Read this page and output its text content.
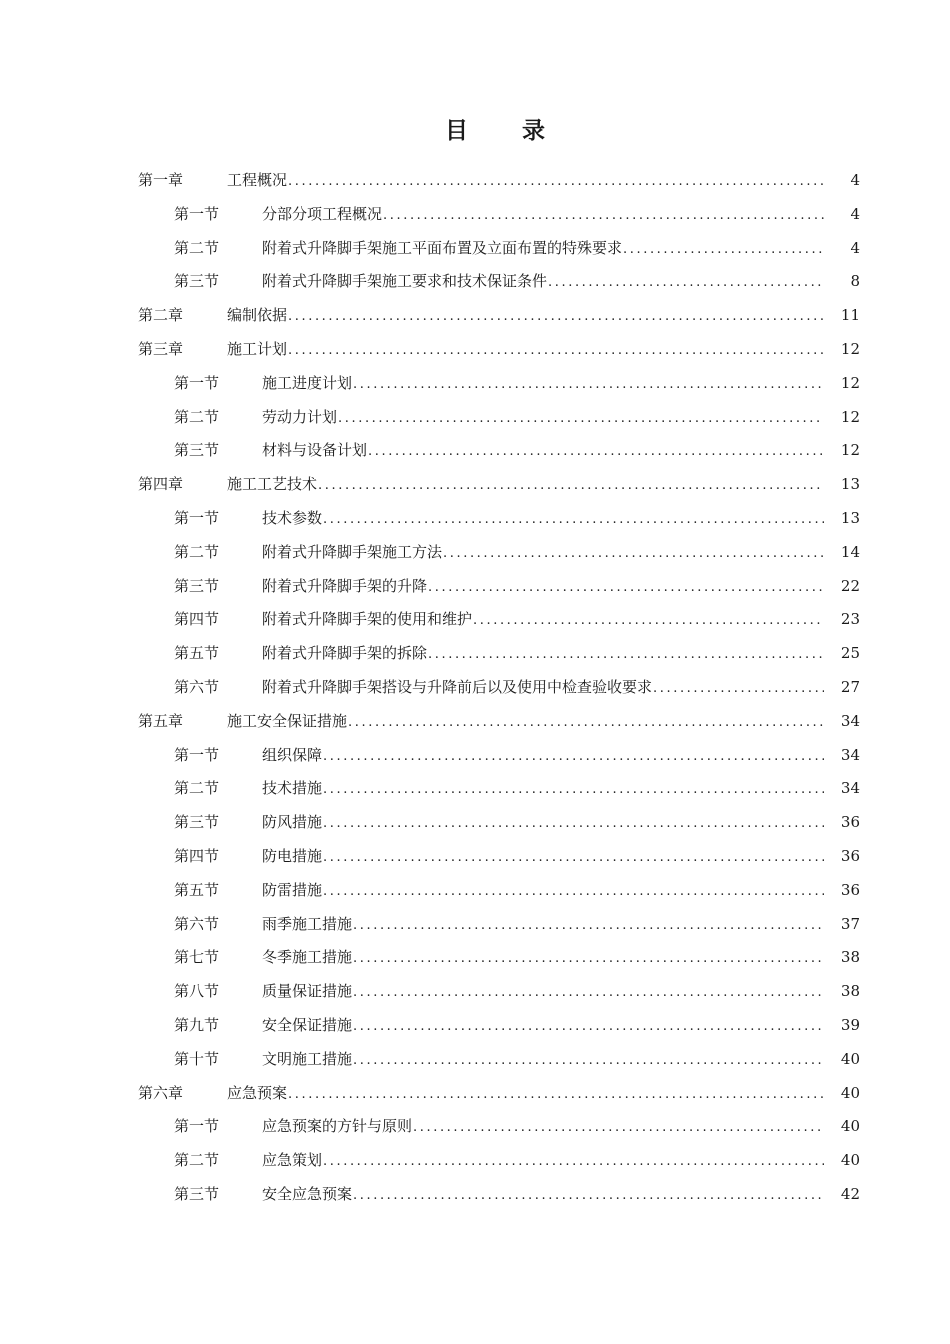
目 录
第一章	工程概况 .....	4
第一节	分部分项工程概况 .....	4
第二节	附着式升降脚手架施工平面布置及立面布置的特殊要求 .....	4
第三节	附着式升降脚手架施工要求和技术保证条件 .....	8
第二章	编制依据 .....	11
第三章	施工计划 .....	12
第一节	施工进度计划 .....	12
第二节	劳动力计划 .....	12
第三节	材料与设备计划 .....	12
第四章	施工工艺技术 .....	13
第一节	技术参数 .....	13
第二节	附着式升降脚手架施工方法 .....	14
第三节	附着式升降脚手架的升降 .....	22
第四节	附着式升降脚手架的使用和维护 .....	23
第五节	附着式升降脚手架的拆除 .....	25
第六节	附着式升降脚手架搭设与升降前后以及使用中检查验收要求 .....	27
第五章	施工安全保证措施 .....	34
第一节	组织保障 .....	34
第二节	技术措施 .....	34
第三节	防风措施 .....	36
第四节	防电措施 .....	36
第五节	防雷措施 .....	36
第六节	雨季施工措施 .....	37
第七节	冬季施工措施 .....	38
第八节	质量保证措施 .....	38
第九节	安全保证措施 .....	39
第十节	文明施工措施 .....	40
第六章	应急预案 .....	40
第一节	应急预案的方针与原则 .....	40
第二节	应急策划 .....	40
第三节	安全应急预案 .....	42
